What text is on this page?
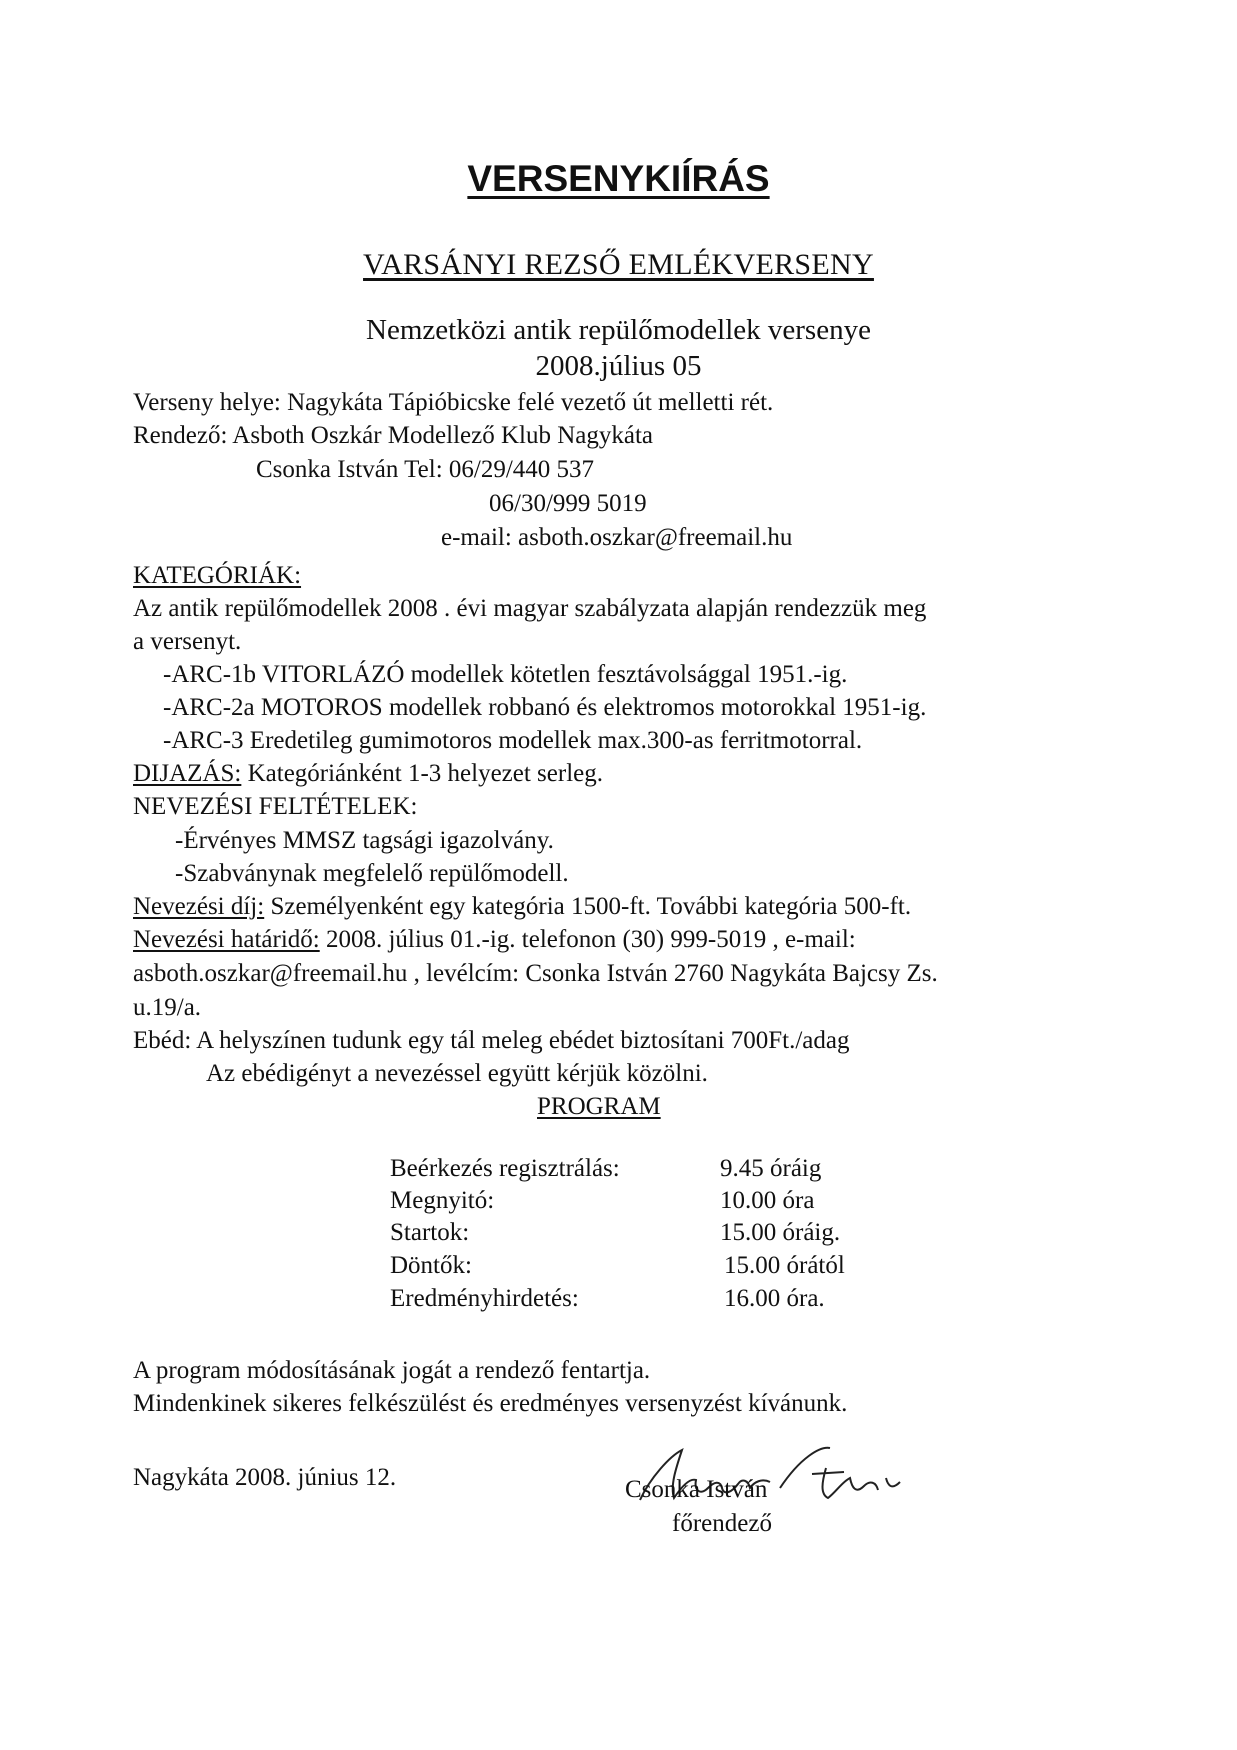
VERSENYKIÍRÁS
VARSÁNYI REZSŐ EMLÉKVERSENY
Nemzetközi antik repülőmodellek versenye
2008.július 05
Verseny helye: Nagykáta Tápióbicske felé vezető út melletti rét.
Rendező: Asboth Oszkár Modellező Klub Nagykáta
Csonka István Tel: 06/29/440 537
06/30/999 5019
e-mail: asboth.oszkar@freemail.hu
KATEGÓRIÁK:
Az antik repülőmodellek 2008 . évi magyar szabályzata alapján rendezzük meg
a versenyt.
-ARC-1b VITORLÁZÓ modellek kötetlen fesztávolsággal 1951.-ig.
-ARC-2a MOTOROS modellek robbanó és elektromos motorokkal 1951-ig.
-ARC-3 Eredetileg gumimotoros modellek max.300-as ferritmotorral.
DIJAZÁS: Kategóriánként 1-3 helyezet serleg.
NEVEZÉSI FELTÉTELEK:
-Érvényes MMSZ tagsági igazolvány.
-Szabványnak megfelelő repülőmodell.
Nevezési díj: Személyenként egy kategória 1500-ft. További kategória 500-ft.
Nevezési határidő: 2008. július 01.-ig. telefonon (30) 999-5019 , e-mail:
asboth.oszkar@freemail.hu , levélcím: Csonka István 2760 Nagykáta Bajcsy Zs.
u.19/a.
Ebéd: A helyszínen tudunk egy tál meleg ebédet biztosítani 700Ft./adag
Az ebédigényt a nevezéssel együtt kérjük közölni.
PROGRAM
Beérkezés regisztrálás:	9.45 óráig
Megnyitó:	10.00 óra
Startok:	15.00 óráig.
Döntők:	15.00 órától
Eredményhirdetés:	16.00 óra.
A program módosításának jogát a rendező fentartja.
Mindenkinek sikeres felkészülést és eredményes versenyzést kívánunk.
Nagykáta 2008. június 12.	Csonka István
főrendező
